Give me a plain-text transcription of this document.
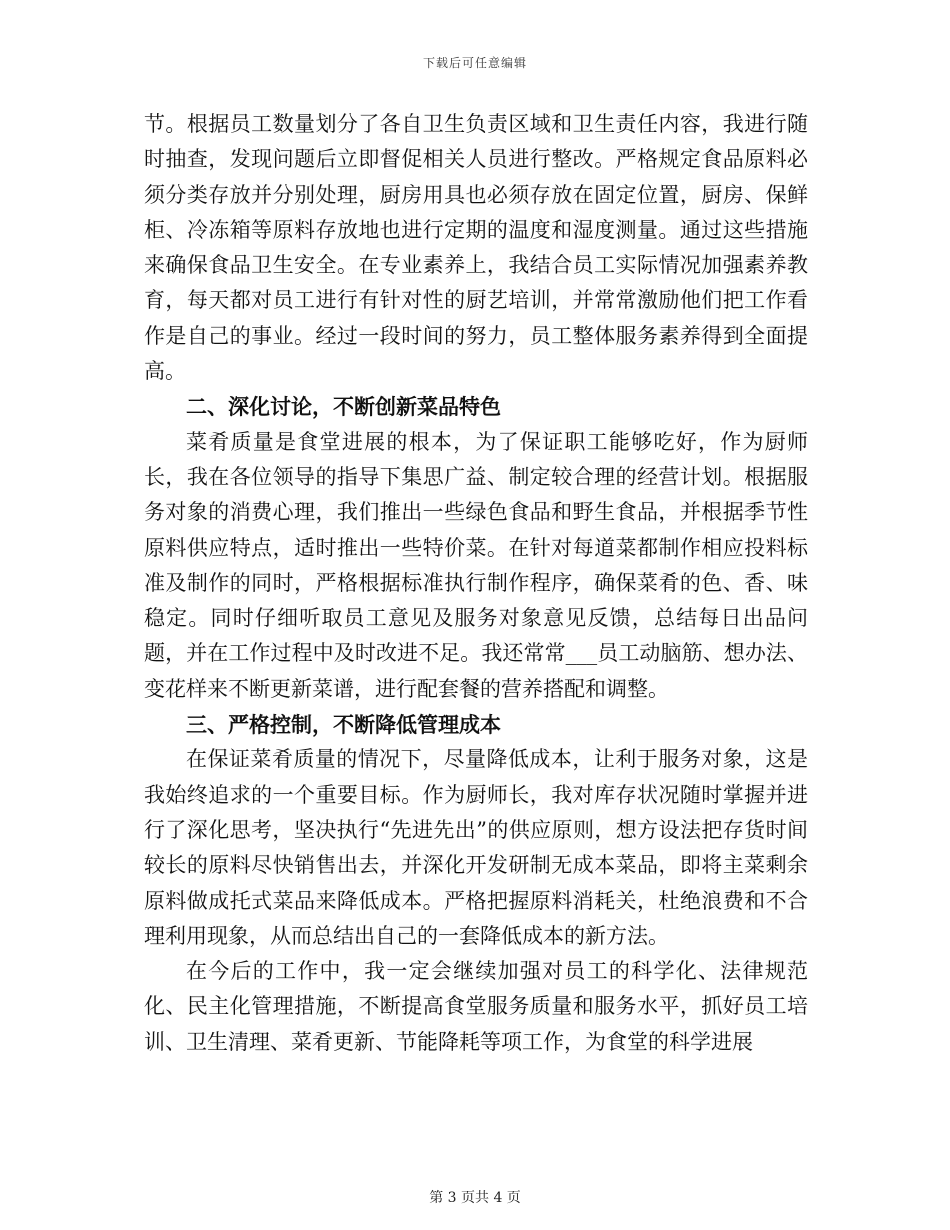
下载后可任意编辑

节。根据员工数量划分了各自卫生负责区域和卫生责任内容，我进行随时抽查，发现问题后立即督促相关人员进行整改。严格规定食品原料必须分类存放并分别处理，厨房用具也必须存放在固定位置，厨房、保鲜柜、冷冻箱等原料存放地也进行定期的温度和湿度测量。通过这些措施来确保食品卫生安全。在专业素养上，我结合员工实际情况加强素养教育，每天都对员工进行有针对性的厨艺培训，并常常激励他们把工作看作是自己的事业。经过一段时间的努力，员工整体服务素养得到全面提高。

二、深化讨论，不断创新菜品特色

菜肴质量是食堂进展的根本，为了保证职工能够吃好，作为厨师长，我在各位领导的指导下集思广益、制定较合理的经营计划。根据服务对象的消费心理，我们推出一些绿色食品和野生食品，并根据季节性原料供应特点，适时推出一些特价菜。在针对每道菜都制作相应投料标准及制作的同时，严格根据标准执行制作程序，确保菜肴的色、香、味稳定。同时仔细听取员工意见及服务对象意见反馈，总结每日出品问题，并在工作过程中及时改进不足。我还常常___员工动脑筋、想办法、变花样来不断更新菜谱，进行配套餐的营养搭配和调整。

三、严格控制，不断降低管理成本

在保证菜肴质量的情况下，尽量降低成本，让利于服务对象，这是我始终追求的一个重要目标。作为厨师长，我对库存状况随时掌握并进行了深化思考，坚决执行“先进先出”的供应原则，想方设法把存货时间较长的原料尽快销售出去，并深化开发研制无成本菜品，即将主菜剩余原料做成托式菜品来降低成本。严格把握原料消耗关，杜绝浪费和不合理利用现象，从而总结出自己的一套降低成本的新方法。

在今后的工作中，我一定会继续加强对员工的科学化、法律规范化、民主化管理措施，不断提高食堂服务质量和服务水平，抓好员工培训、卫生清理、菜肴更新、节能降耗等项工作，为食堂的科学进展

第 3 页共 4 页
